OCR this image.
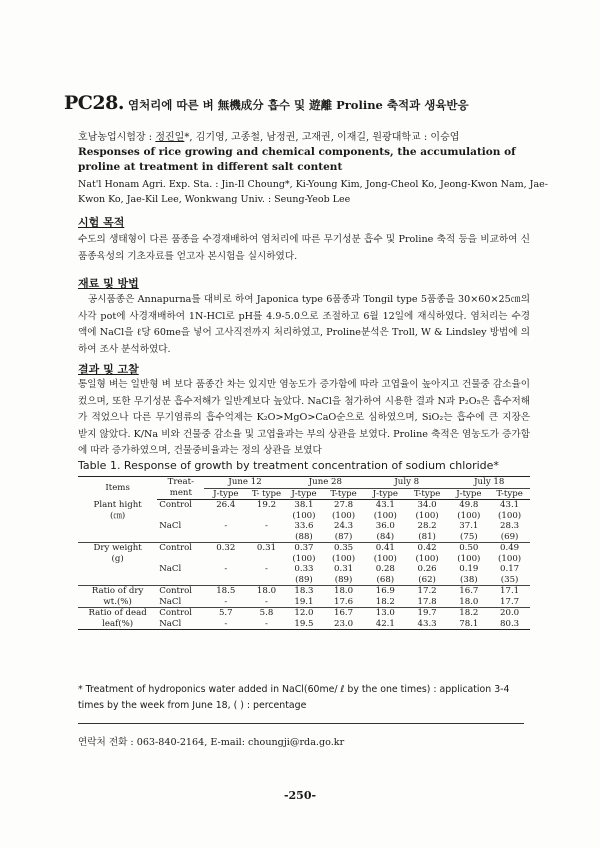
PC28. 염처리에 따른 벼 無機成分 흡수 및 遊離 Proline 축적과 생육반응
호남농업시험장 : 정진일*, 김기영, 고종철, 남정권, 고재권, 이재길, 원광대학교 : 이승엽
Responses of rice growing and chemical components, the accumulation of proline at treatment in different salt content
Nat'l Honam Agri. Exp. Sta. : Jin-Il Choung*, Ki-Young Kim, Jong-Cheol Ko, Jeong-Kwon Nam, Jae-Kwon Ko, Jae-Kil Lee, Wonkwang Univ. : Seung-Yeob Lee
시험 목적
수도의 생태형이 다른 품종을 수경재배하여 염처리에 따른 무기성분 흡수 및 Proline 축적 등을 비교하여 신품종육성의 기초자료를 얻고자 본시험을 실시하였다.
재료 및 방법
공시품종은 Annapurna를 대비로 하여 Japonica type 6품종과 Tongil type 5품종을 30×60×25㎝의 사각 pot에 사경재배하여 1N-HCl로 pH를 4.9-5.0으로 조절하고 6월 12일에 재식하였다. 염처리는 수경액에 NaCl을 ℓ당 60me을 넣어 고사직전까지 처리하였고, Proline분석은 Troll, W & Lindsley 방법에 의하여 조사 분석하였다.
결과 및 고찰
통일형 벼는 일반형 벼 보다 품종간 차는 있지만 염농도가 증가함에 따라 고엽율이 높아지고 건물중 감소율이 컸으며, 또한 무기성분 흡수저해가 일반계보다 높았다. NaCl을 첨가하여 시용한 결과 N과 P₂O₅은 흡수저해가 적었으나 다른 무기염류의 흡수억제는 K₂O>MgO>CaO순으로 심하였으며, SiO₂는 흡수에 큰 지장은 받지 않았다. K/Na 비와 건물중 감소율 및 고엽율과는 부의 상관을 보였다. Proline 축적은 염농도가 증가함에 따라 증가하였으며, 건물중비율과는 정의 상관을 보였다
Table 1. Response of growth by treatment concentration of sodium chloride*
Items	Treat-	June 12		June 28		July 8		July 18	
	ment	J-type	T- type	J-type	T-type	J-type	T-type	J-type	T-type
Plant hight	Control	26.4	19.2	38.1	27.8	43.1	34.0	49.8	43.1
(㎝)				(100)	(100)	(100)	(100)	(100)	(100)
	NaCl	-	-	33.6	24.3	36.0	28.2	37.1	28.3
				(88)	(87)	(84)	(81)	(75)	(69)
Dry weight	Control	0.32	0.31	0.37	0.35	0.41	0.42	0.50	0.49
(g)				(100)	(100)	(100)	(100)	(100)	(100)
	NaCl	-	-	0.33	0.31	0.28	0.26	0.19	0.17
				(89)	(89)	(68)	(62)	(38)	(35)
Ratio of dry	Control	18.5	18.0	18.3	18.0	16.9	17.2	16.7	17.1
wt.(%)	NaCl	-	-	19.1	17.6	18.2	17.8	18.0	17.7
Ratio of dead	Control	5.7	5.8	12.0	16.7	13.0	19.7	18.2	20.0
leaf(%)	NaCl	-	-	19.5	23.0	42.1	43.3	78.1	80.3
* Treatment of hydroponics water added in NaCl(60me/ ℓ by the one times) : application 3-4 times by the week from June 18, ( ) : percentage
연락처 전화 : 063-840-2164, E-mail: choungji@rda.go.kr
-250-
